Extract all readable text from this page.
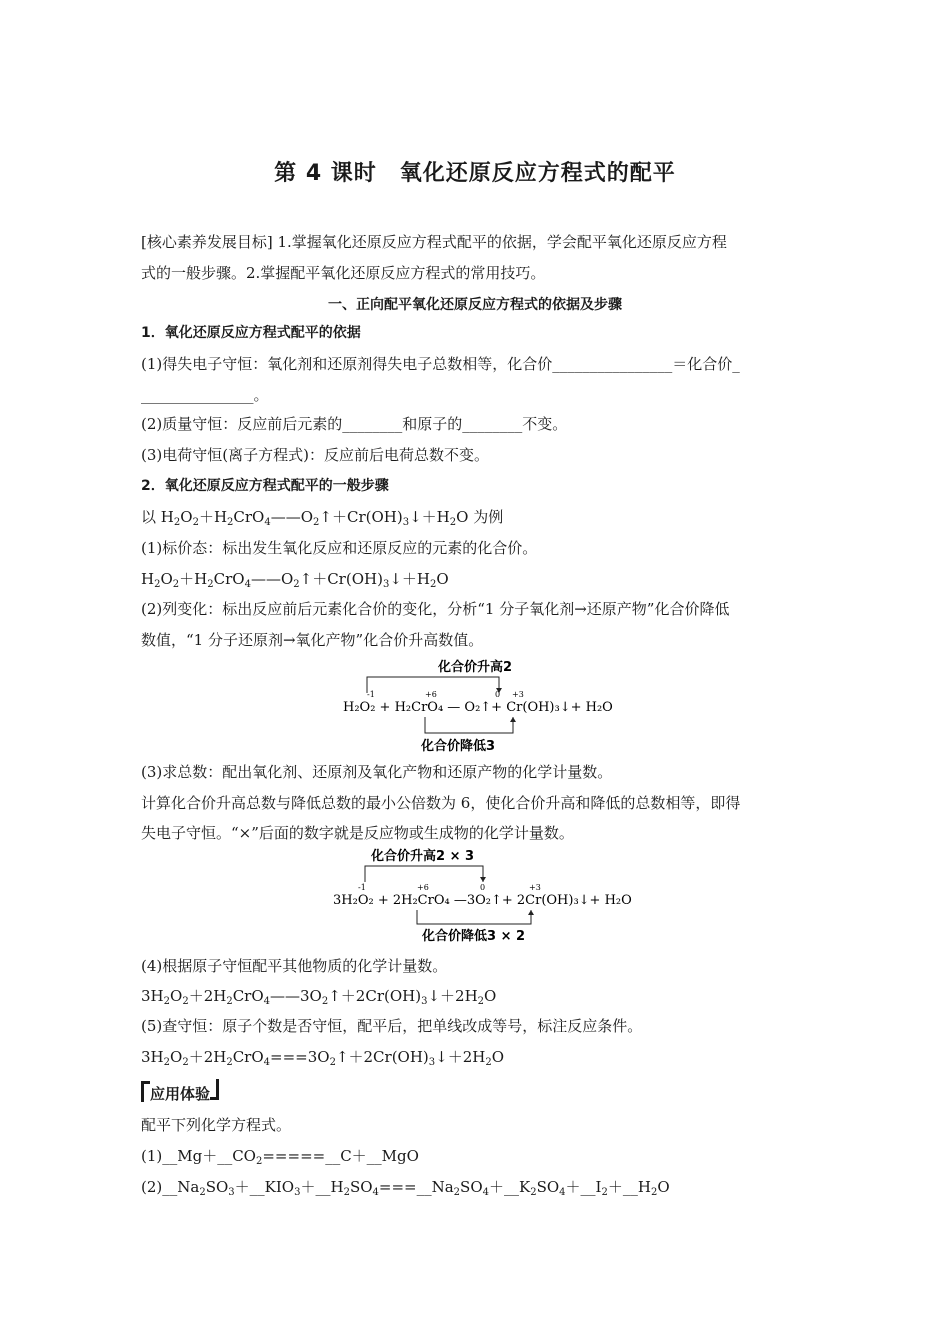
第 4 课时　氧化还原反应方程式的配平
[核心素养发展目标] 1.掌握氧化还原反应方程式配平的依据，学会配平氧化还原反应方程
式的一般步骤。2.掌握配平氧化还原反应方程式的常用技巧。
一、正向配平氧化还原反应方程式的依据及步骤
1．氧化还原反应方程式配平的依据
(1)得失电子守恒：氧化剂和还原剂得失电子总数相等，化合价________________＝化合价_
_______________。
(2)质量守恒：反应前后元素的________和原子的________不变。
(3)电荷守恒(离子方程式)：反应前后电荷总数不变。
2．氧化还原反应方程式配平的一般步骤
以 $H_2O_2+H_2CrO_4——O_2↑+Cr(OH)_3↓+H_2O$ 为例
(1)标价态：标出发生氧化反应和还原反应的元素的化合价。
$H_2O_2+H_2CrO_4——O_2↑+Cr(OH)_3↓+H_2O$
(2)列变化：标出反应前后元素化合价的变化，分析“1 分子氧化剂→还原产物”化合价降低
数值，“1 分子还原剂→氧化产物”化合价升高数值。
化合价升高2
-1	+6	0 +3
H₂O₂ + H₂CrO₄ — O₂↑+ Cr(OH)₃↓+ H₂O
化合价降低3
(3)求总数：配出氧化剂、还原剂及氧化产物和还原产物的化学计量数。
计算化合价升高总数与降低总数的最小公倍数为 6，使化合价升高和降低的总数相等，即得
失电子守恒。“×”后面的数字就是反应物或生成物的化学计量数。
化合价升高2 × 3
-1	+6	0	+3
3H₂O₂ + 2H₂CrO₄ —3O₂↑+ 2Cr(OH)₃↓+ H₂O
化合价降低3 × 2
(4)根据原子守恒配平其他物质的化学计量数。
$3H_2O_2+2H_2CrO_4——3O_2↑+2Cr(OH)_3↓+2H_2O$
(5)查守恒：原子个数是否守恒，配平后，把单线改成等号，标注反应条件。
$3H_2O_2+2H_2CrO_4===3O_2↑+2Cr(OH)_3↓+2H_2O$
应用体验
配平下列化学方程式。
$(1)\_\_Mg+\_\_CO_2=====\_\_C+\_\_MgO$
$(2)\_\_Na_2SO_3+\_\_KIO_3+\_\_H_2SO_4===\_\_Na_2SO_4+\_\_K_2SO_4+\_\_I_2+\_\_H_2O$
